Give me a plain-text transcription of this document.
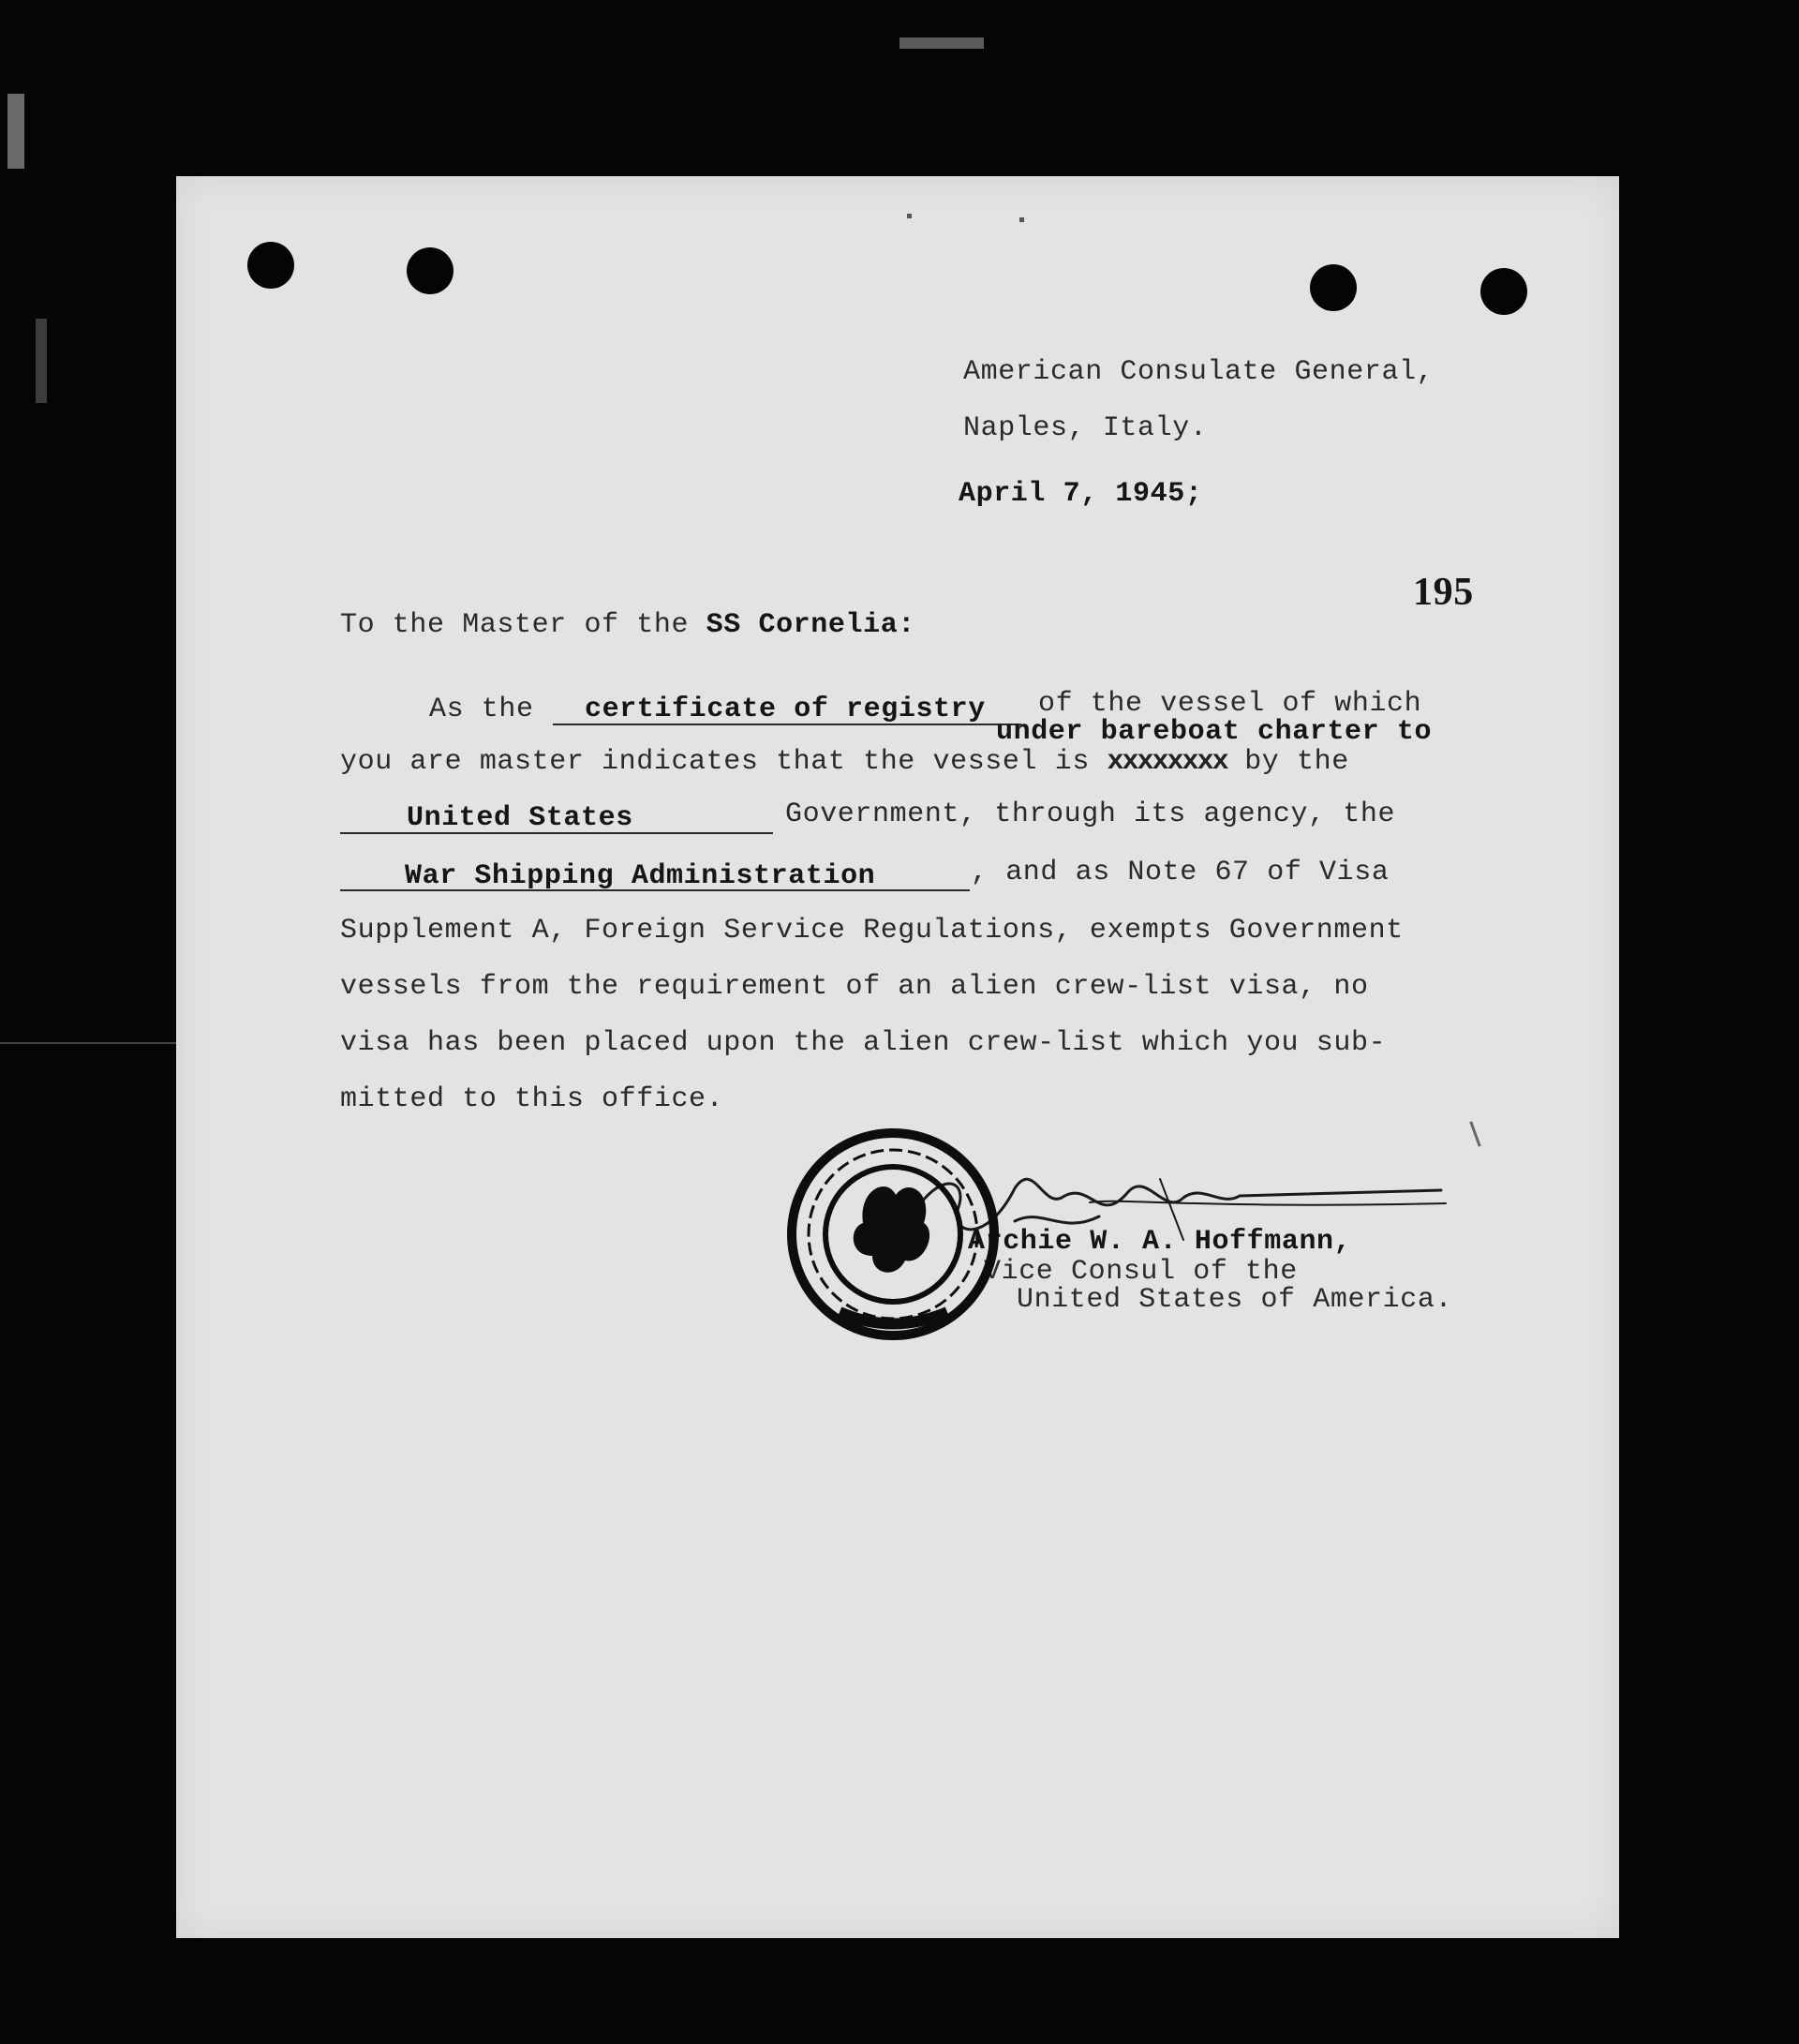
American Consulate General,
Naples, Italy.
April 7, 1945;
195
To the Master of the SS Cornelia:
As the certificate of registry of the vessel of which
under bareboat charter to
you are master indicates that the vessel is xxxxxxxx by the
United States	Government, through its agency, the
War Shipping Administration	, and as Note 67 of Visa
Supplement A, Foreign Service Regulations, exempts Government
vessels from the requirement of an alien crew-list visa, no
visa has been placed upon the alien crew-list which you sub-
mitted to this office.
Archie W. A. Hoffmann,
Vice Consul of the
United States of America.
